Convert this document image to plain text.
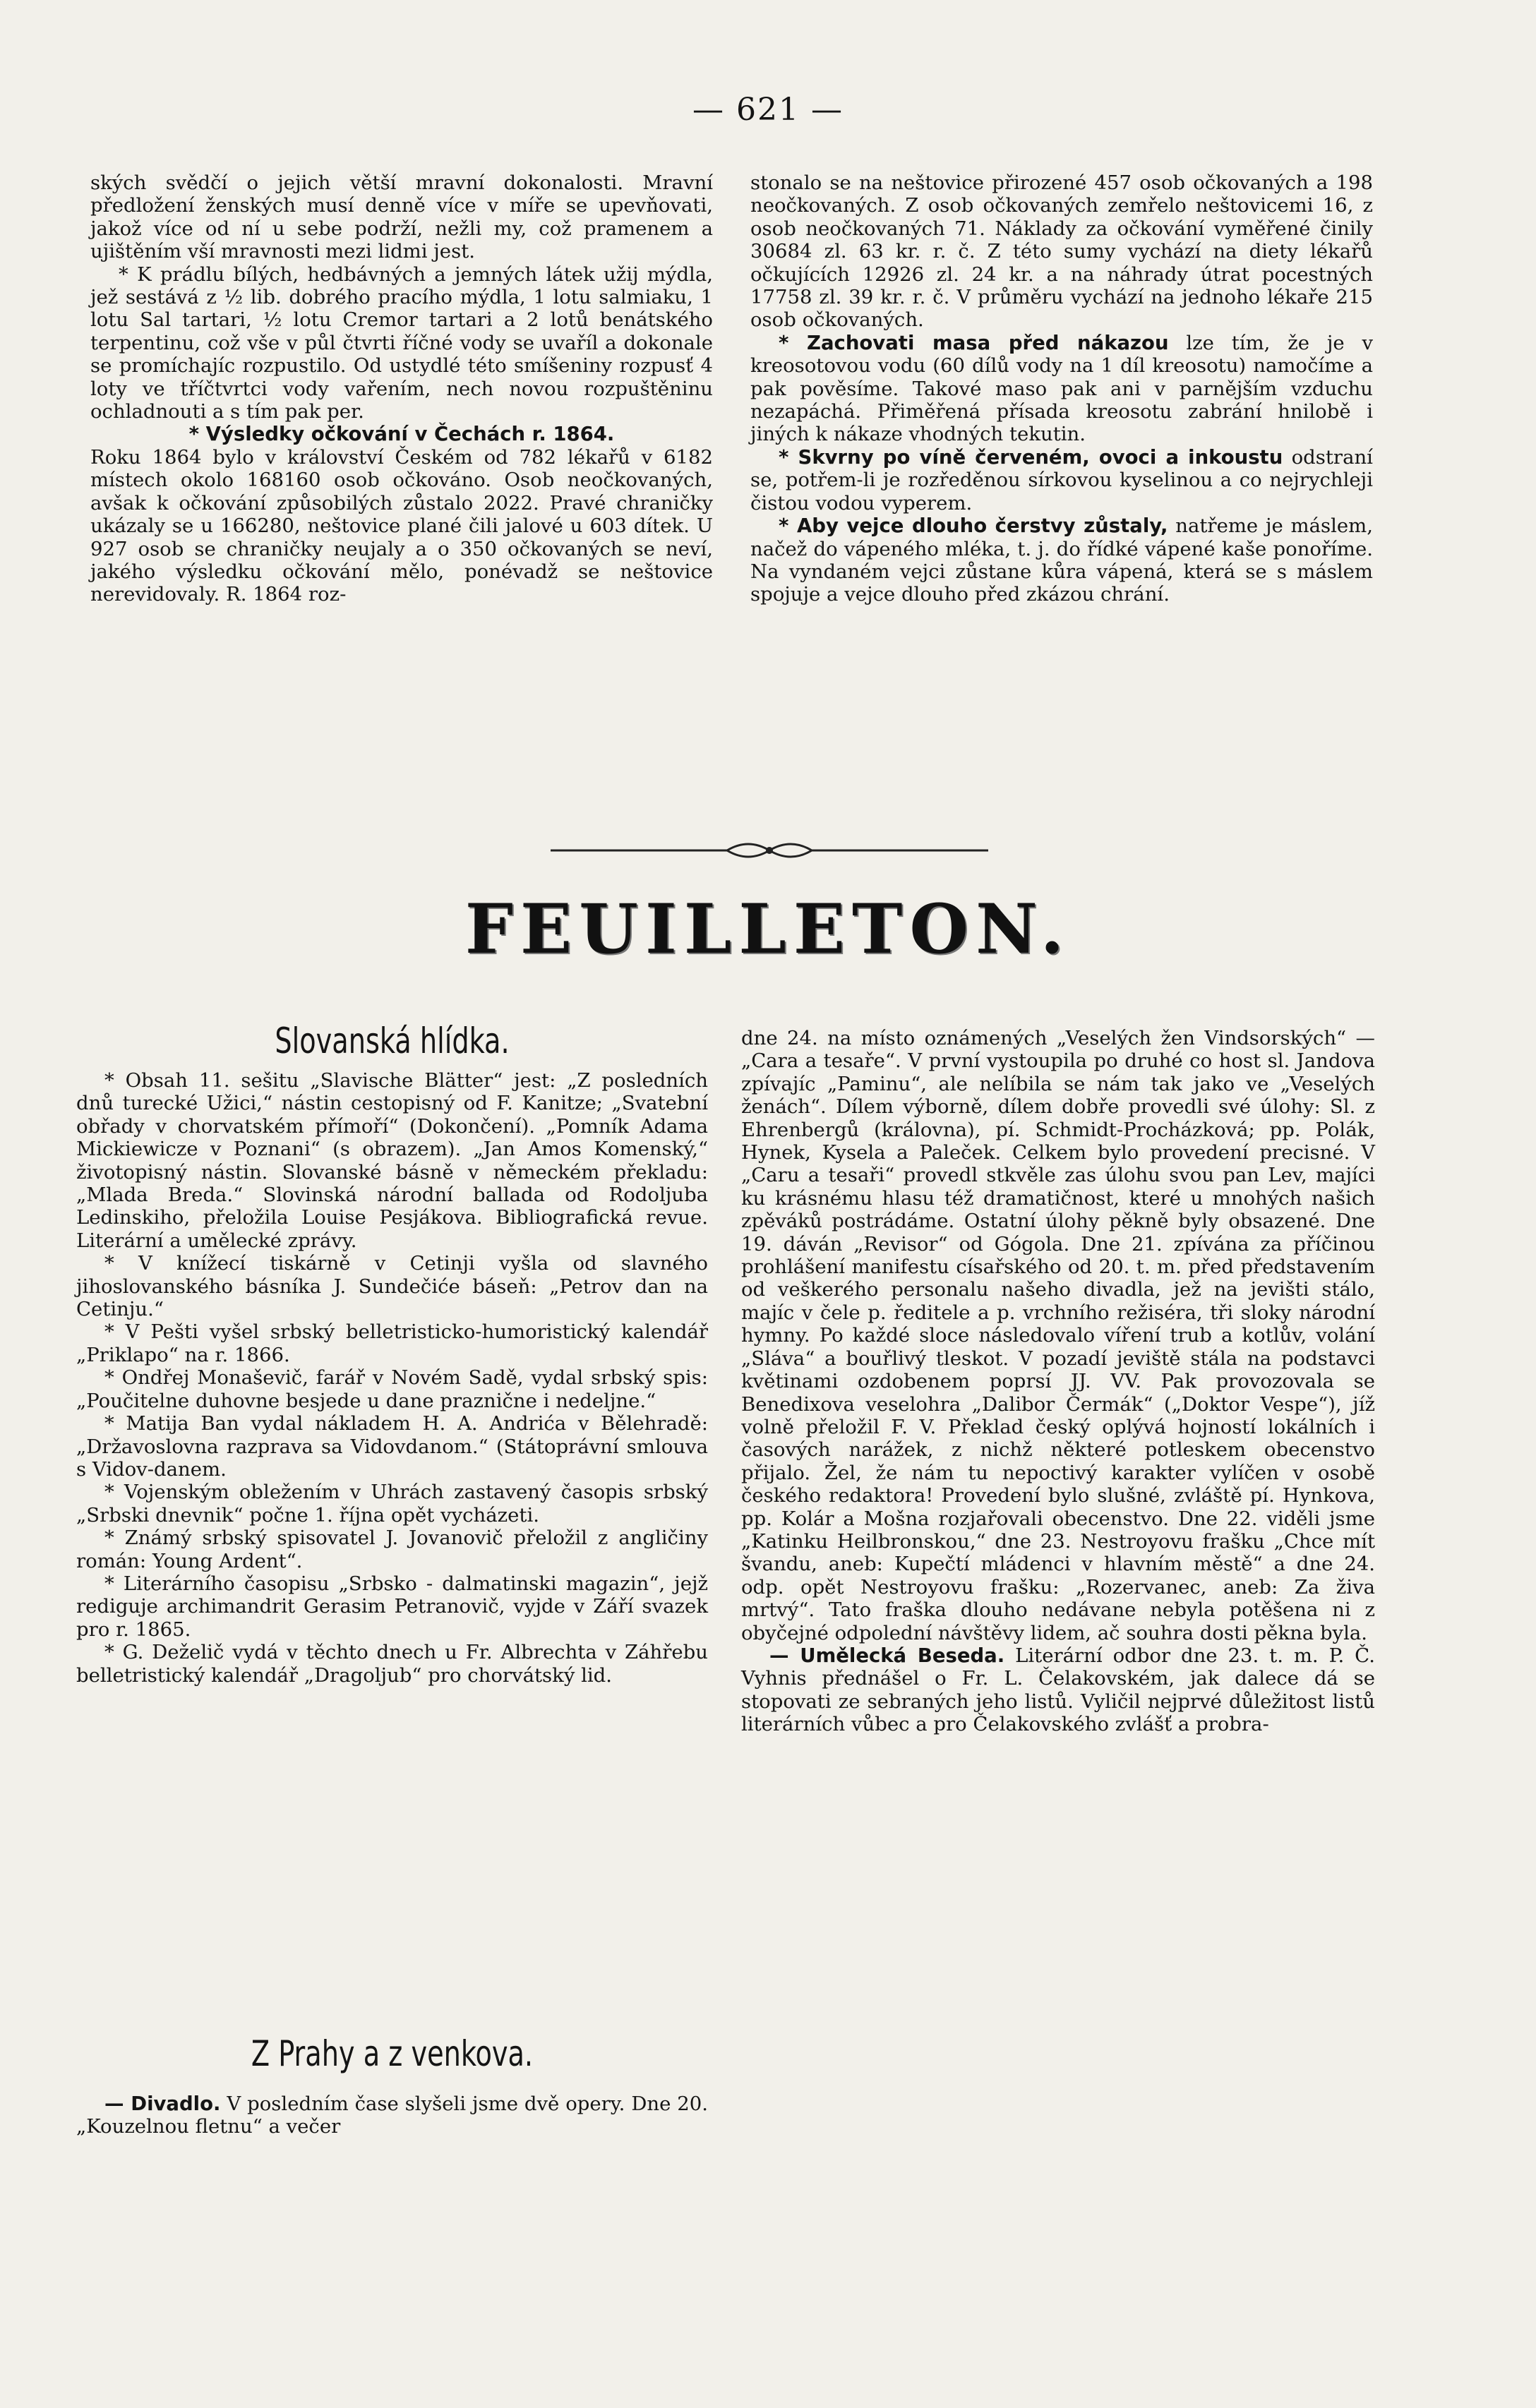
— 621 —

ských svědčí o jejich větší mravní dokonalosti. Mravní předložení ženských musí denně více v míře se upevňovati, jakož více od ní u sebe podrží, nežli my, což pramenem a ujištěním vší mravnosti mezi lidmi jest.

* K prádlu bílých, hedbávných a jemných látek užij mýdla, jež sestává z ½ lib. dobrého pracího mýdla, 1 lotu salmiaku, 1 lotu Sal tartari, ½ lotu Cremor tartari a 2 lotů benátského terpentinu, což vše v půl čtvrti říčné vody se uvaříl a dokonale se promíchajíc rozpustilo. Od ustydlé této smíšeniny rozpusť 4 loty ve tříčtvrtci vody vařením, nech novou rozpuštěninu ochladnouti a s tím pak per.

* Výsledky očkování v Čechách r. 1864.

Roku 1864 bylo v království Českém od 782 lékařů v 6182 místech okolo 168160 osob očkováno. Osob neočkovaných, avšak k očkování způsobilých zůstalo 2022. Pravé chraničky ukázaly se u 166280, neštovice plané čili jalové u 603 dítek. U 927 osob se chraničky neujaly a o 350 očkovaných se neví, jakého výsledku očkování mělo, ponévadž se neštovice nerevidovaly. R. 1864 roz-

stonalo se na neštovice přirozené 457 osob očkovaných a 198 neočkovaných. Z osob očkovaných zemřelo neštovicemi 16, z osob neočkovaných 71. Náklady za očkování vyměřené činily 30684 zl. 63 kr. r. č. Z této sumy vychází na diety lékařů očkujících 12926 zl. 24 kr. a na náhrady útrat pocestných 17758 zl. 39 kr. r. č. V průměru vychází na jednoho lékaře 215 osob očkovaných.

* Zachovati masa před nákazou lze tím, že je v kreosotovou vodu (60 dílů vody na 1 díl kreosotu) namočíme a pak pověsíme. Takové maso pak ani v parnějším vzduchu nezapáchá. Přiměřená přísada kreosotu zabrání hnilobě i jiných k nákaze vhodných tekutin.

* Skvrny po víně červeném, ovoci a inkoustu odstraní se, potřem-li je rozředěnou sírkovou kyselinou a co nejrychleji čistou vodou vyperem.

* Aby vejce dlouho čerstvy zůstaly, natřeme je máslem, načež do vápeného mléka, t. j. do řídké vápené kaše ponoříme. Na vyndaném vejci zůstane kůra vápená, která se s máslem spojuje a vejce dlouho před zkázou chrání.

FEUILLETON.
Slovanská hlídka.

* Obsah 11. sešitu „Slavische Blätter“ jest: „Z posledních dnů turecké Užici,“ nástin cestopisný od F. Kanitze; „Svatební obřady v chorvatském přímoří“ (Dokončení). „Pomník Adama Mickiewicze v Poznani“ (s obrazem). „Jan Amos Komenský,“ životopisný nástin. Slovanské básně v německém překladu: „Mlada Breda.“ Slovinská národní ballada od Rodoljuba Ledinskiho, přeložila Louise Pesjákova. Bibliografická revue. Literární a umělecké zprávy.

* V knížecí tiskárně v Cetinji vyšla od slavného jihoslovanského básníka J. Sundečiće báseň: „Petrov dan na Cetinju.“

* V Pešti vyšel srbský belletristicko-humoristický kalendář „Priklapo“ na r. 1866.

* Ondřej Monaševič, farář v Novém Sadě, vydal srbský spis: „Poučitelne duhovne besjede u dane praznične i nedeljne.“

* Matija Ban vydal nákladem H. A. Andrića v Bělehradě: „Državoslovna razprava sa Vidovdanom.“ (Státoprávní smlouva s Vidov-danem.

* Vojenským obležením v Uhrách zastavený časopis srbský „Srbski dnevnik“ počne 1. října opět vycházeti.

* Známý srbský spisovatel J. Jovanovič přeložil z angličiny román: Young Ardent“.

* Literárního časopisu „Srbsko - dalmatinski magazin“, jejž rediguje archimandrit Gerasim Petranovič, vyjde v Září svazek pro r. 1865.

* G. Deželič vydá v těchto dnech u Fr. Albrechta v Záhřebu belletristický kalendář „Dragoljub“ pro chorvátský lid.

Z Prahy a z venkova.

— Divadlo. V posledním čase slyšeli jsme dvě opery. Dne 20. „Kouzelnou fletnu“ a večer

dne 24. na místo oznámených „Veselých žen Vindsorských“ — „Cara a tesaře“. V první vystoupila po druhé co host sl. Jandova zpívajíc „Paminu“, ale nelíbila se nám tak jako ve „Veselých ženách“. Dílem výborně, dílem dobře provedli své úlohy: Sl. z Ehrenbergů (královna), pí. Schmidt-Procházková; pp. Polák, Hynek, Kysela a Paleček. Celkem bylo provedení precisné. V „Caru a tesaři“ provedl stkvěle zas úlohu svou pan Lev, majíci ku krásnému hlasu též dramatičnost, které u mnohých našich zpěváků postrádáme. Ostatní úlohy pěkně byly obsazené. Dne 19. dáván „Revisor“ od Gógola. Dne 21. zpívána za příčinou prohlášení manifestu císařského od 20. t. m. před představením od veškerého personalu našeho divadla, jež na jevišti stálo, majíc v čele p. ředitele a p. vrchního režiséra, tři sloky národní hymny. Po každé sloce následovalo víření trub a kotlův, volání „Sláva“ a bouřlivý tleskot. V pozadí jeviště stála na podstavci květinami ozdobenem poprsí JJ. VV. Pak provozovala se Benedixova veselohra „Dalibor Čermák“ („Doktor Vespe“), jíž volně přeložil F. V. Překlad český oplývá hojností lokálních i časových narážek, z nichž některé potleskem obecenstvo přijalo. Žel, že nám tu nepoctivý karakter vylíčen v osobě českého redaktora! Provedení bylo slušné, zvláště pí. Hynkova, pp. Kolár a Mošna rozjařovali obecenstvo. Dne 22. viděli jsme „Katinku Heilbronskou,“ dne 23. Nestroyovu frašku „Chce mít švandu, aneb: Kupečtí mládenci v hlavním městě“ a dne 24. odp. opět Nestroyovu frašku: „Rozervanec, aneb: Za živa mrtvý“. Tato fraška dlouho nedávane nebyla potěšena ni z obyčejné odpolední návštěvy lidem, ač souhra dosti pěkna byla.

— Umělecká Beseda. Literární odbor dne 23. t. m. P. Č. Vyhnis přednášel o Fr. L. Čelakovském, jak dalece dá se stopovati ze sebraných jeho listů. Vyličil nejprvé důležitost listů literárních vůbec a pro Čelakovského zvlášť a probra-
